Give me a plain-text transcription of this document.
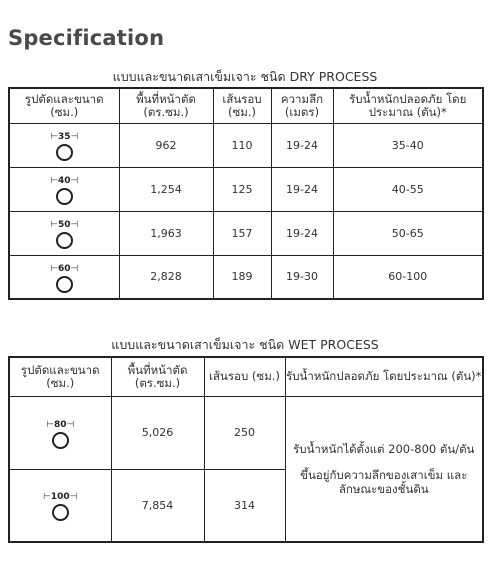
Specification
แบบและขนาดเสาเข็มเจาะ ชนิด DRY PROCESS
รูปตัดและขนาด (ซม.)	พื้นที่หน้าตัด (ตร.ซม.)	เส้นรอบ (ซม.)	ความลึก (เมตร)	รับน้ำหนักปลอดภัย โดยประมาณ (ตัน)*
⊢35⊣	962	110	19-24	35-40
⊢40⊣	1,254	125	19-24	40-55
⊢50⊣	1,963	157	19-24	50-65
⊢60⊣	2,828	189	19-30	60-100
แบบและขนาดเสาเข็มเจาะ ชนิด WET PROCESS
รูปตัดและขนาด (ซม.)	พื้นที่หน้าตัด (ตร.ซม.)	เส้นรอบ (ซม.)	รับน้ำหนักปลอดภัย โดยประมาณ (ตัน)*
⊢80⊣	5,026	250	รับน้ำหนักได้ตั้งแต่ 200-800 ตัน/ตัน

ขึ้นอยู่กับความลึกของเสาเข็ม และลักษณะของชั้นดิน

⊢100⊣	7,854	314	
